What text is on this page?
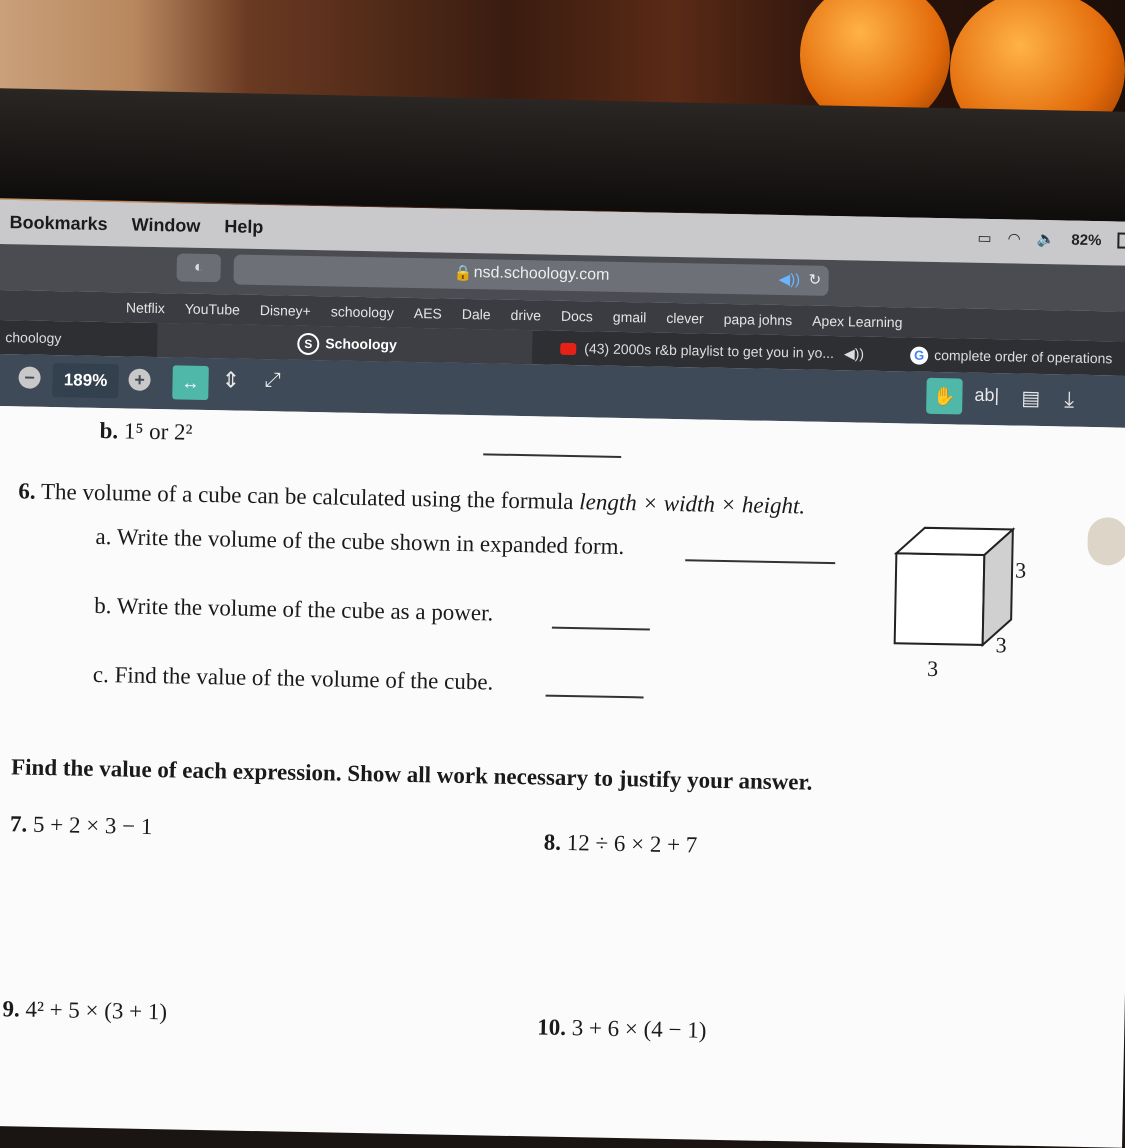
Bookmarks Window Help
▭ ◠ 🔈 82%
◐	🔒 nsd.schoology.com	◀)) ↻
Netflix YouTube Disney+ schoology AES Dale drive Docs gmail clever papa johns Apex Learning
choology	S Schoology	(43) 2000s r&b playlist to get you in yo... ◀))	G complete order of operations
−	189%	+	↔ ⇕ ⤢
✋	ab| ▤ ⤓
b. 1⁵ or 2²
6. The volume of a cube can be calculated using the formula length × width × height.
a. Write the volume of the cube shown in expanded form.
b. Write the volume of the cube as a power.
c. Find the value of the volume of the cube.
3
3
3
Find the value of each expression. Show all work necessary to justify your answer.
7. 5 + 2 × 3 − 1
8. 12 ÷ 6 × 2 + 7
9. 4² + 5 × (3 + 1)
10. 3 + 6 × (4 − 1)
